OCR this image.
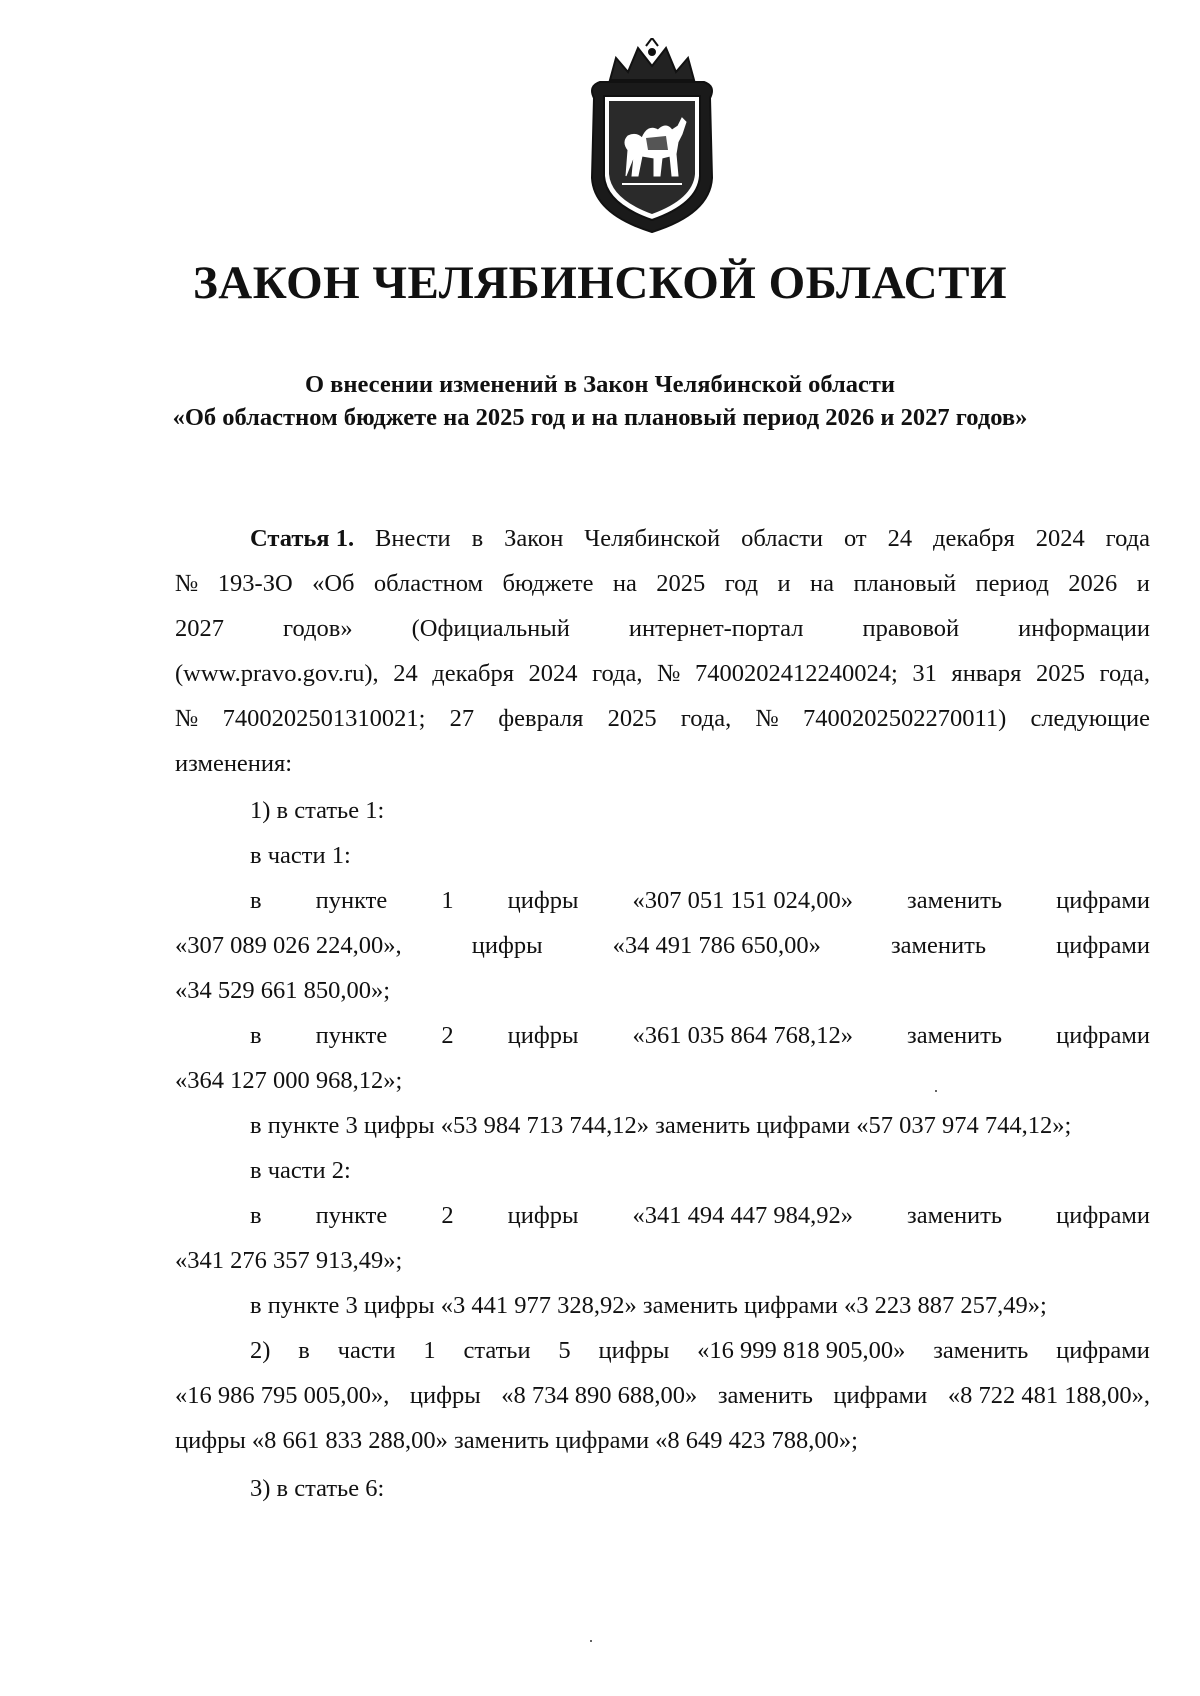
ЗАКОН ЧЕЛЯБИНСКОЙ ОБЛАСТИ
О внесении изменений в Закон Челябинской области
«Об областном бюджете на 2025 год и на плановый период 2026 и 2027 годов»
Статья 1. Внести в Закон Челябинской области от 24 декабря 2024 года
№ 193-ЗО «Об областном бюджете на 2025 год и на плановый период 2026 и
2027 годов» (Официальный интернет-портал правовой информации
(www.pravo.gov.ru), 24 декабря 2024 года, № 7400202412240024; 31 января 2025 года,
№ 7400202501310021; 27 февраля 2025 года, № 7400202502270011) следующие
изменения:
1) в статье 1:
в части 1:
в пункте 1 цифры «307 051 151 024,00» заменить цифрами
«307 089 026 224,00»,	цифры	«34 491 786 650,00»	заменить	цифрами
«34 529 661 850,00»;
в пункте 2 цифры «361 035 864 768,12» заменить цифрами
«364 127 000 968,12»;
в пункте 3 цифры «53 984 713 744,12» заменить цифрами «57 037 974 744,12»;
в части 2:
в пункте 2 цифры «341 494 447 984,92» заменить цифрами
«341 276 357 913,49»;
в пункте 3 цифры «3 441 977 328,92» заменить цифрами «3 223 887 257,49»;
2) в части 1 статьи 5 цифры «16 999 818 905,00» заменить цифрами
«16 986 795 005,00», цифры «8 734 890 688,00» заменить цифрами «8 722 481 188,00»,
цифры «8 661 833 288,00» заменить цифрами «8 649 423 788,00»;
3) в статье 6:
